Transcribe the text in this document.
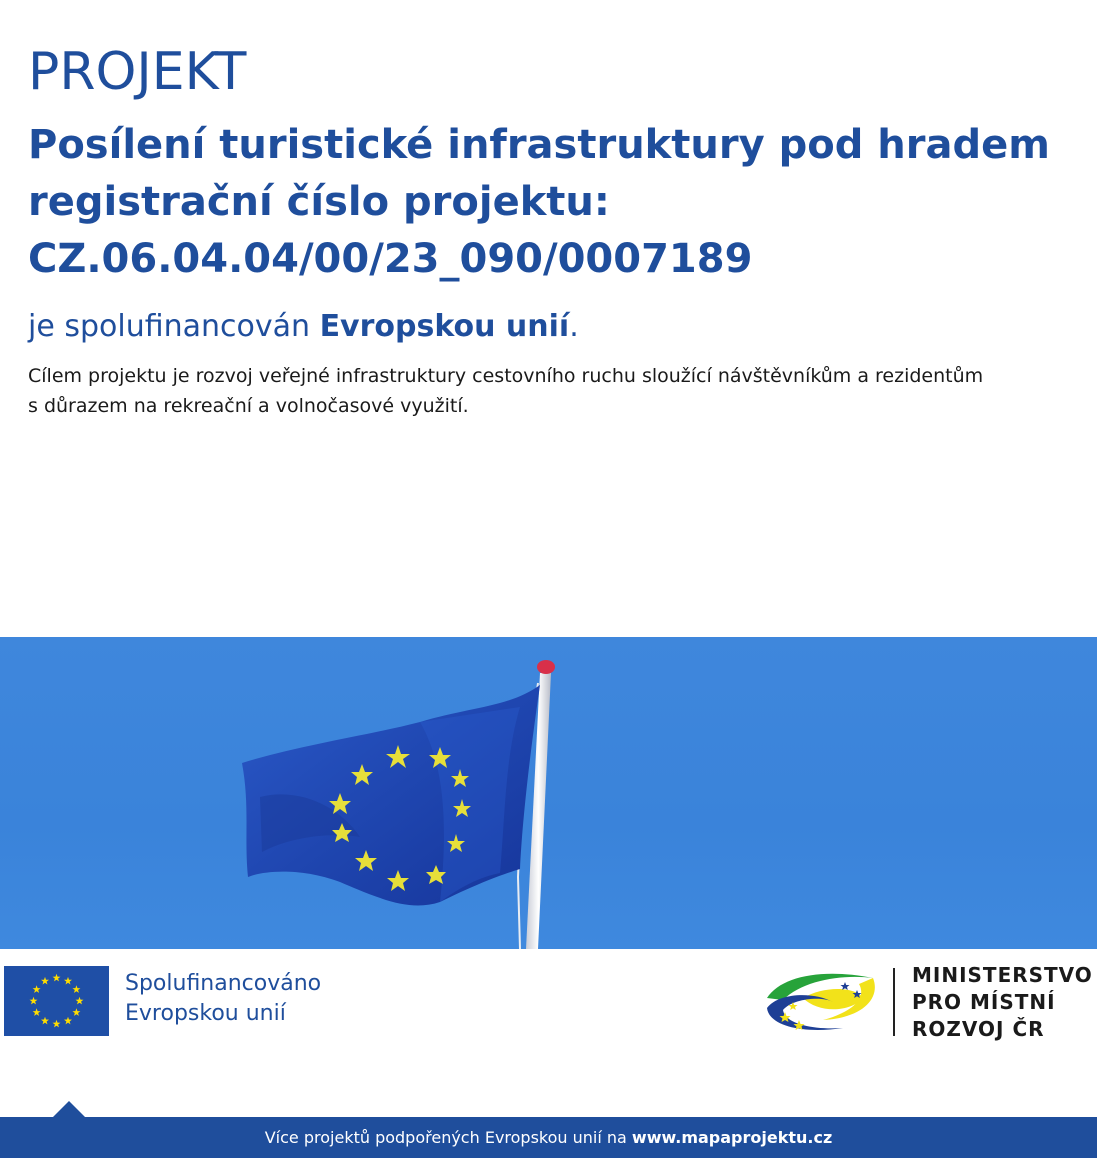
PROJEKT
Posílení turistické infrastruktury pod hradem
registrační číslo projektu:
CZ.06.04.04/00/23_090/0007189
je spolufinancován Evropskou unií.
Cílem projektu je rozvoj veřejné infrastruktury cestovního ruchu sloužící návštěvníkům a rezidentům
s důrazem na rekreační a volnočasové využití.
Spolufinancováno
Evropskou unií
MINISTERSTVO
PRO MÍSTNÍ
ROZVOJ ČR
Více projektů podpořených Evropskou unií na www.mapaprojektu.cz
